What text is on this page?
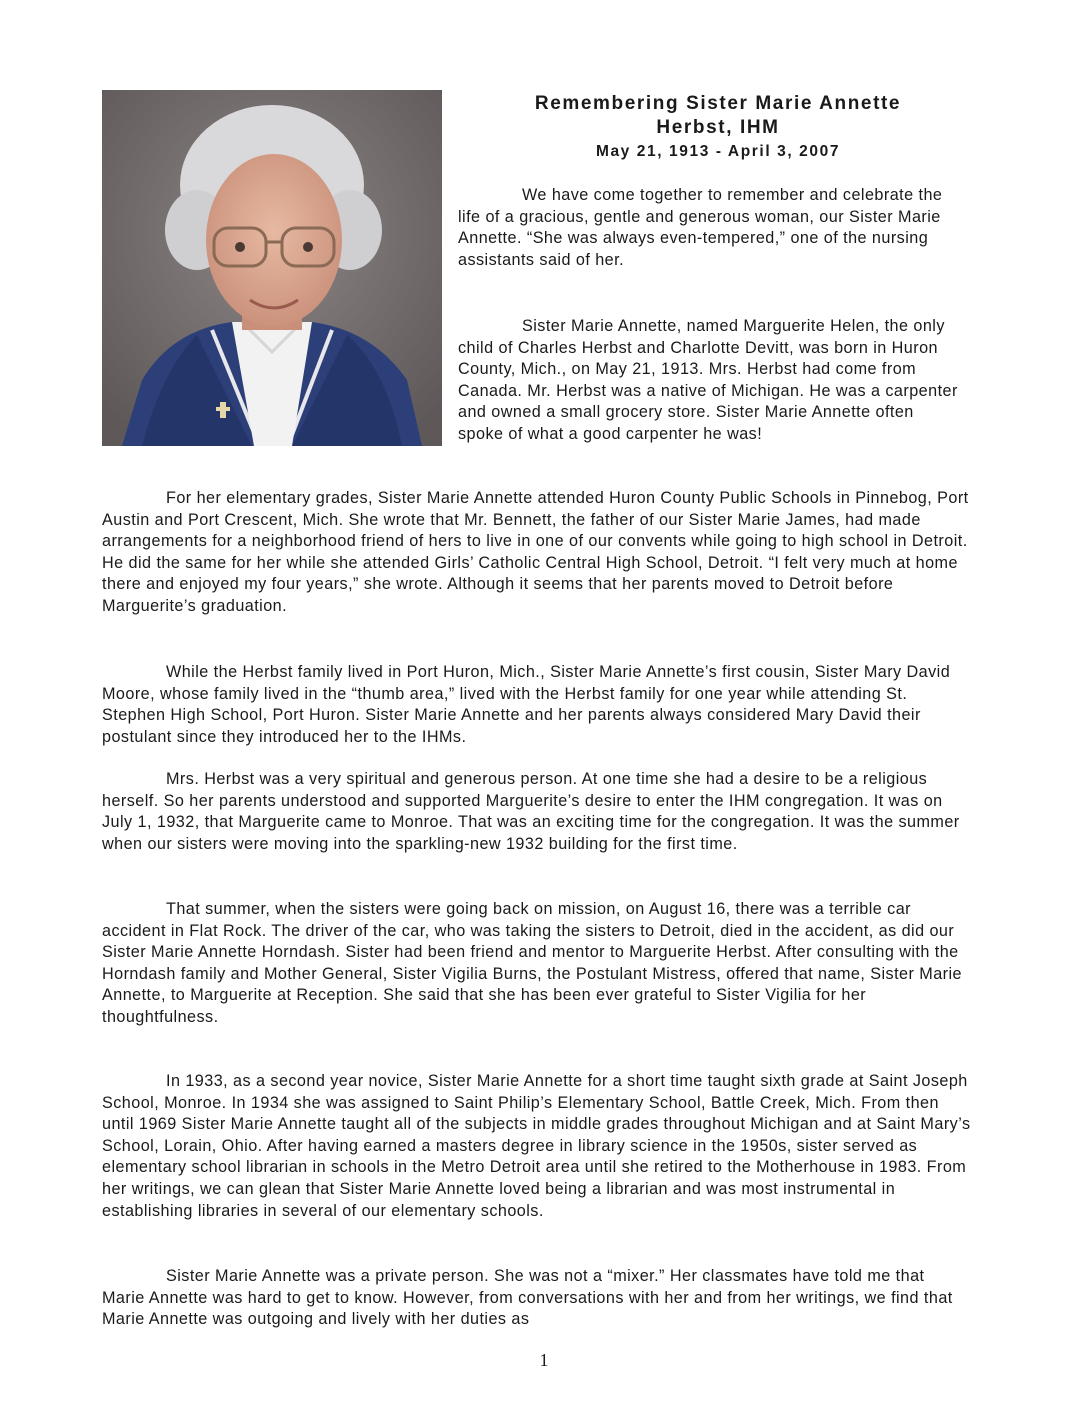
Remembering Sister Marie Annette
Herbst, IHM

May 21, 1913 - April 3, 2007

We have come together to remember and celebrate the life of a gracious, gentle and generous woman, our Sister Marie Annette. “She was always even-tempered,” one of the nursing assistants said of her.

Sister Marie Annette, named Marguerite Helen, the only child of Charles Herbst and Charlotte Devitt, was born in Huron County, Mich., on May 21, 1913. Mrs. Herbst had come from Canada. Mr. Herbst was a native of Michigan. He was a carpenter and owned a small grocery store. Sister Marie Annette often spoke of what a good carpenter he was!

For her elementary grades, Sister Marie Annette attended Huron County Public Schools in Pinnebog, Port Austin and Port Crescent, Mich. She wrote that Mr. Bennett, the father of our Sister Marie James, had made arrangements for a neighborhood friend of hers to live in one of our convents while going to high school in Detroit. He did the same for her while she attended Girls’ Catholic Central High School, Detroit. “I felt very much at home there and enjoyed my four years,” she wrote. Although it seems that her parents moved to Detroit before Marguerite’s graduation.

While the Herbst family lived in Port Huron, Mich., Sister Marie Annette’s first cousin, Sister Mary David Moore, whose family lived in the “thumb area,” lived with the Herbst family for one year while attending St. Stephen High School, Port Huron. Sister Marie Annette and her parents always considered Mary David their postulant since they introduced her to the IHMs.

Mrs. Herbst was a very spiritual and generous person. At one time she had a desire to be a religious herself. So her parents understood and supported Marguerite’s desire to enter the IHM congregation. It was on July 1, 1932, that Marguerite came to Monroe. That was an exciting time for the congregation. It was the summer when our sisters were moving into the sparkling-new 1932 building for the first time.

That summer, when the sisters were going back on mission, on August 16, there was a terrible car accident in Flat Rock. The driver of the car, who was taking the sisters to Detroit, died in the accident, as did our Sister Marie Annette Horndash. Sister had been friend and mentor to Marguerite Herbst. After consulting with the Horndash family and Mother General, Sister Vigilia Burns, the Postulant Mistress, offered that name, Sister Marie Annette, to Marguerite at Reception. She said that she has been ever grateful to Sister Vigilia for her thoughtfulness.

In 1933, as a second year novice, Sister Marie Annette for a short time taught sixth grade at Saint Joseph School, Monroe. In 1934 she was assigned to Saint Philip’s Elementary School, Battle Creek, Mich. From then until 1969 Sister Marie Annette taught all of the subjects in middle grades throughout Michigan and at Saint Mary’s School, Lorain, Ohio. After having earned a masters degree in library science in the 1950s, sister served as elementary school librarian in schools in the Metro Detroit area until she retired to the Motherhouse in 1983. From her writings, we can glean that Sister Marie Annette loved being a librarian and was most instrumental in establishing libraries in several of our elementary schools.

Sister Marie Annette was a private person. She was not a “mixer.” Her classmates have told me that Marie Annette was hard to get to know. However, from conversations with her and from her writings, we find that Marie Annette was outgoing and lively with her duties as

1
